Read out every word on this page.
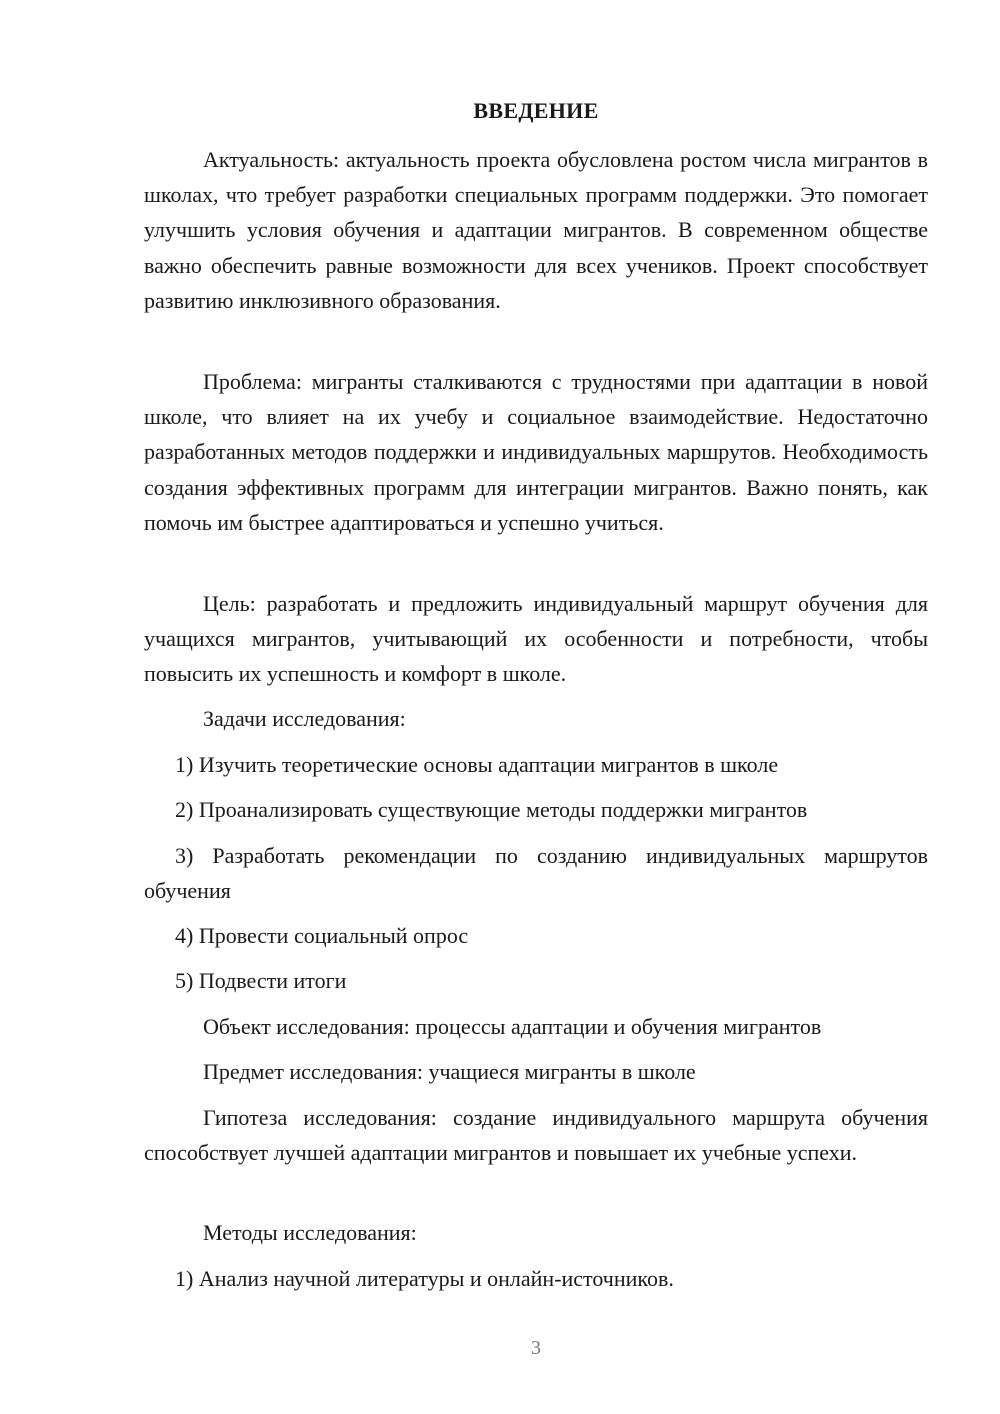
ВВЕДЕНИЕ

Актуальность: актуальность проекта обусловлена ростом числа мигрантов в школах, что требует разработки специальных программ поддержки. Это помогает улучшить условия обучения и адаптации мигрантов. В современном обществе важно обеспечить равные возможности для всех учеников. Проект способствует развитию инклюзивного образования.

Проблема: мигранты сталкиваются с трудностями при адаптации в новой школе, что влияет на их учебу и социальное взаимодействие. Недостаточно разработанных методов поддержки и индивидуальных маршрутов. Необходимость создания эффективных программ для интеграции мигрантов. Важно понять, как помочь им быстрее адаптироваться и успешно учиться.

Цель: разработать и предложить индивидуальный маршрут обучения для учащихся мигрантов, учитывающий их особенности и потребности, чтобы повысить их успешность и комфорт в школе.

Задачи исследования:

1) Изучить теоретические основы адаптации мигрантов в школе

2) Проанализировать существующие методы поддержки мигрантов

3) Разработать рекомендации по созданию индивидуальных маршрутов обучения

4) Провести социальный опрос

5) Подвести итоги

Объект исследования: процессы адаптации и обучения мигрантов

Предмет исследования: учащиеся мигранты в школе

Гипотеза исследования: создание индивидуального маршрута обучения способствует лучшей адаптации мигрантов и повышает их учебные успехи.

Методы исследования:

1) Анализ научной литературы и онлайн-источников.

3
